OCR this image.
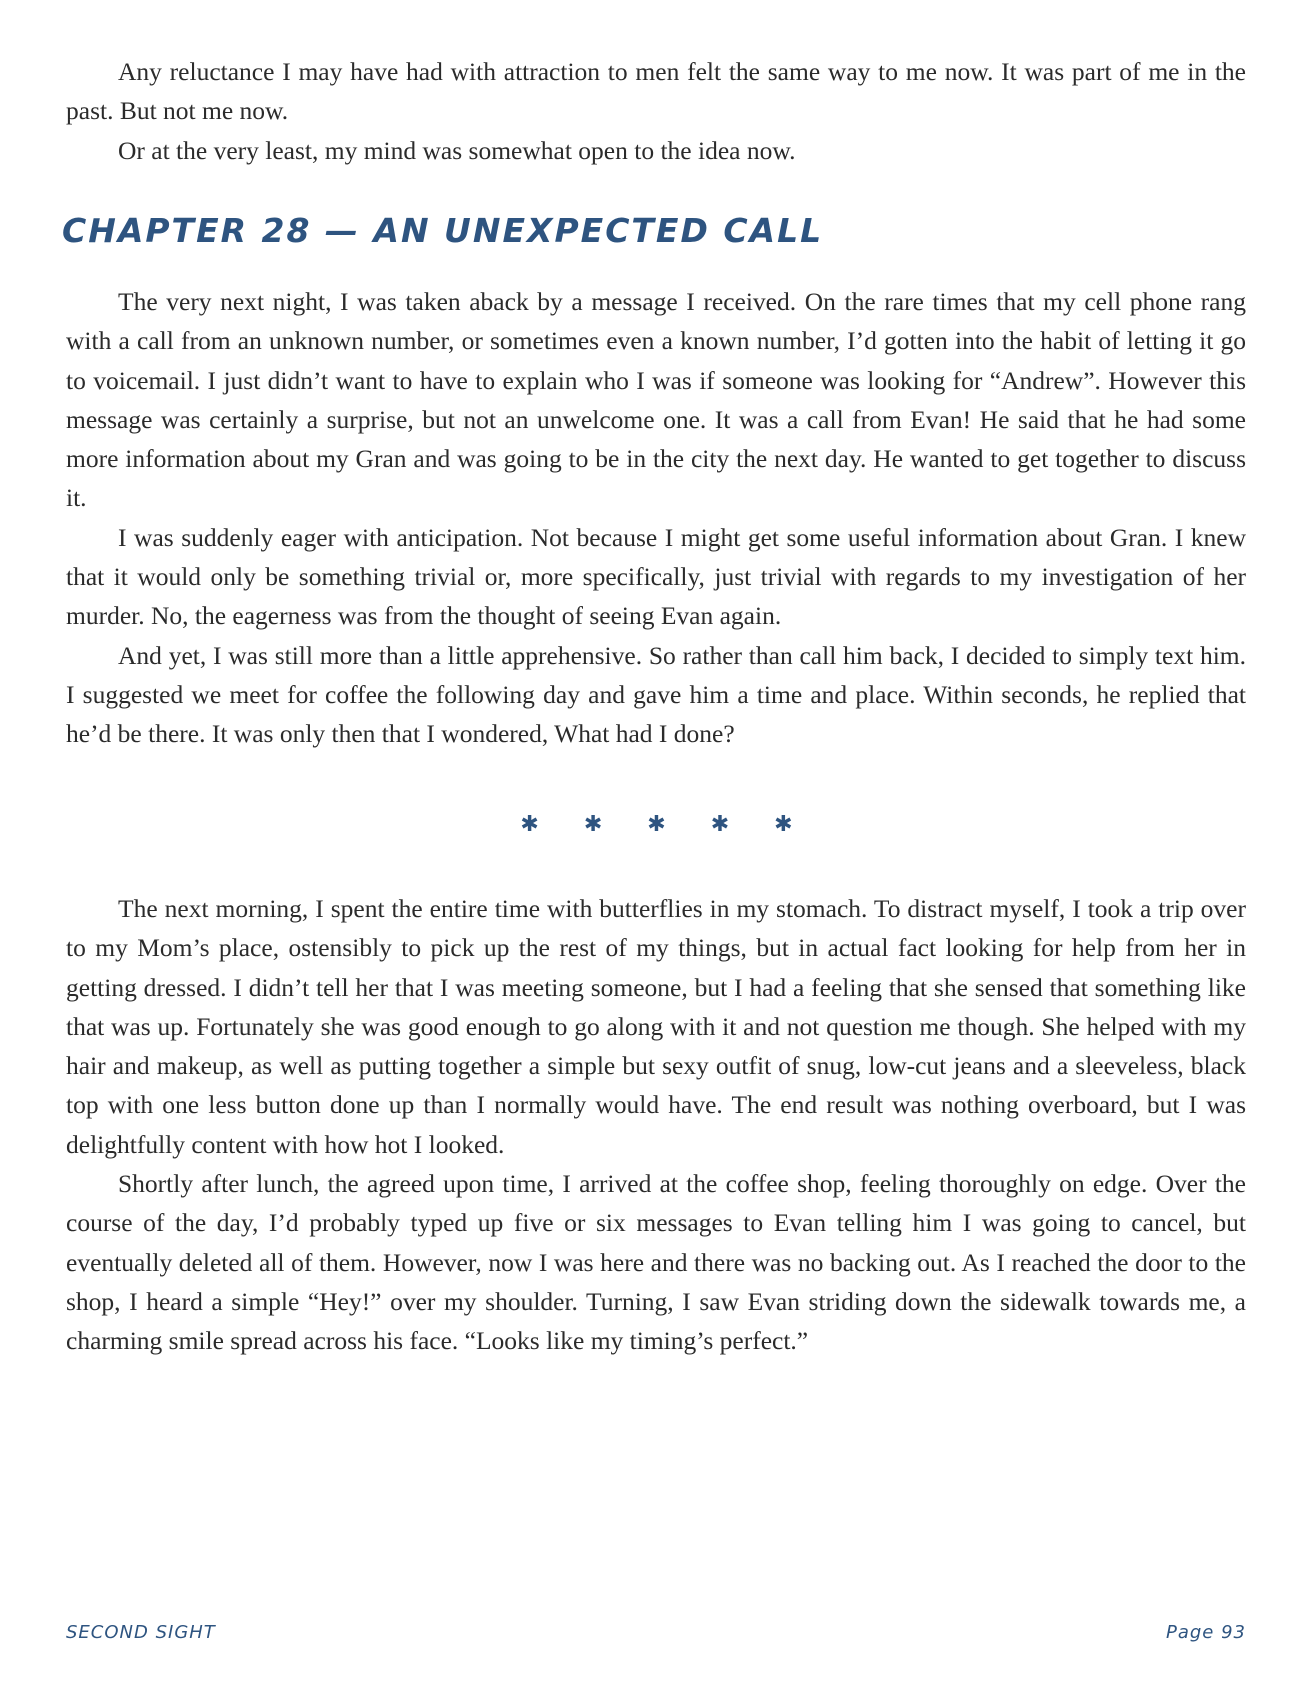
Any reluctance I may have had with attraction to men felt the same way to me now. It was part of me in the past. But not me now.

Or at the very least, my mind was somewhat open to the idea now.

CHAPTER 28 — AN UNEXPECTED CALL

The very next night, I was taken aback by a message I received. On the rare times that my cell phone rang with a call from an unknown number, or sometimes even a known number, I’d gotten into the habit of letting it go to voicemail. I just didn’t want to have to explain who I was if someone was looking for “Andrew”. However this message was certainly a surprise, but not an unwelcome one. It was a call from Evan! He said that he had some more information about my Gran and was going to be in the city the next day. He wanted to get together to discuss it.

I was suddenly eager with anticipation. Not because I might get some useful information about Gran. I knew that it would only be something trivial or, more specifically, just trivial with regards to my investigation of her murder. No, the eagerness was from the thought of seeing Evan again.

And yet, I was still more than a little apprehensive. So rather than call him back, I decided to simply text him. I suggested we meet for coffee the following day and gave him a time and place. Within seconds, he replied that he’d be there. It was only then that I wondered, What had I done?

✱ ✱ ✱ ✱ ✱

The next morning, I spent the entire time with butterflies in my stomach. To distract myself, I took a trip over to my Mom’s place, ostensibly to pick up the rest of my things, but in actual fact looking for help from her in getting dressed. I didn’t tell her that I was meeting someone, but I had a feeling that she sensed that something like that was up. Fortunately she was good enough to go along with it and not question me though. She helped with my hair and makeup, as well as putting together a simple but sexy outfit of snug, low-cut jeans and a sleeveless, black top with one less button done up than I normally would have. The end result was nothing overboard, but I was delightfully content with how hot I looked.

Shortly after lunch, the agreed upon time, I arrived at the coffee shop, feeling thoroughly on edge. Over the course of the day, I’d probably typed up five or six messages to Evan telling him I was going to cancel, but eventually deleted all of them. However, now I was here and there was no backing out. As I reached the door to the shop, I heard a simple “Hey!” over my shoulder. Turning, I saw Evan striding down the sidewalk towards me, a charming smile spread across his face. “Looks like my timing’s perfect.”

SECOND SIGHT	Page 93
